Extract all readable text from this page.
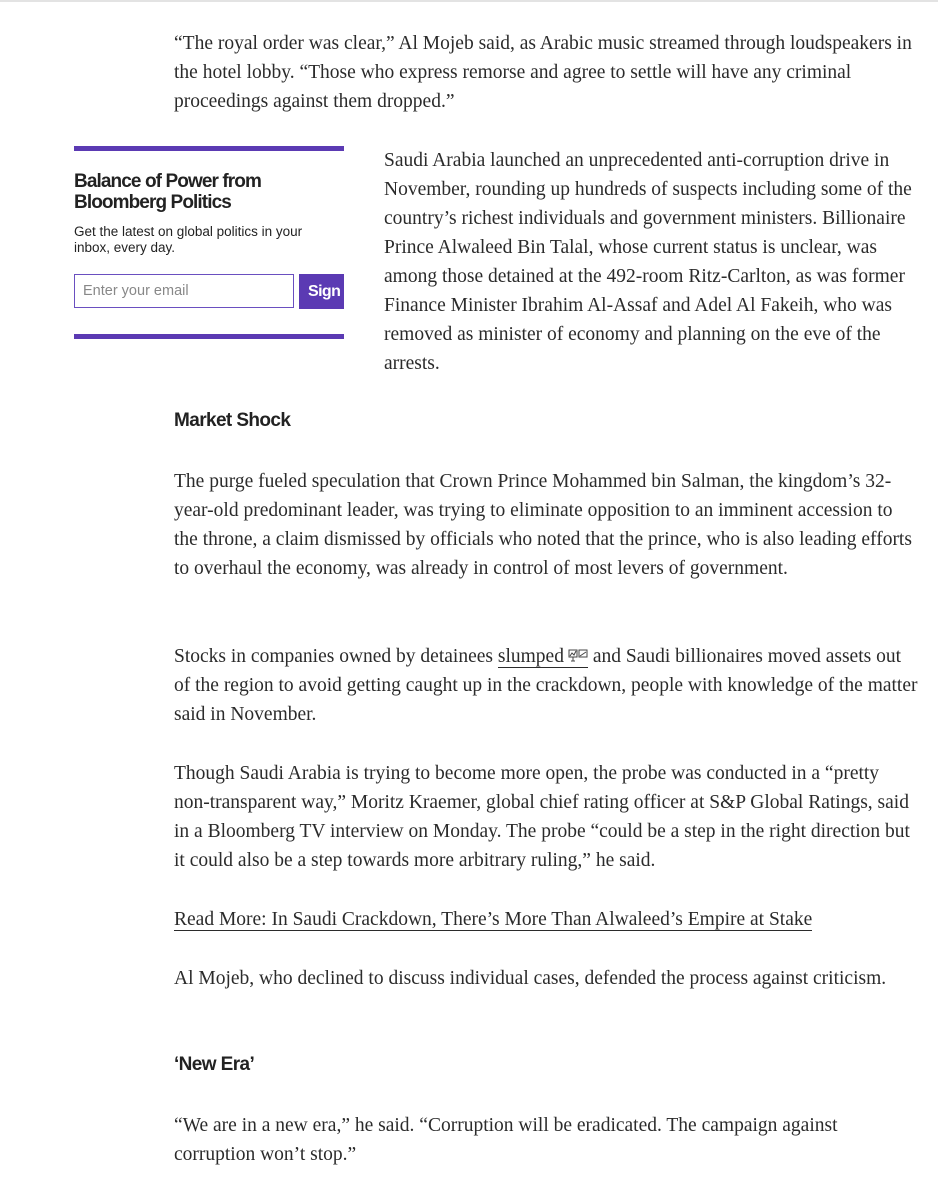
“The royal order was clear,” Al Mojeb said, as Arabic music streamed through loudspeakers in the hotel lobby. “Those who express remorse and agree to settle will have any criminal proceedings against them dropped.”

Balance of Power from Bloomberg Politics

Get the latest on global politics in your inbox, every day.

Enter your email
Sign Up

Saudi Arabia launched an unprecedented anti-corruption drive in November, rounding up hundreds of suspects including some of the country’s richest individuals and government ministers. Billionaire Prince Alwaleed Bin Talal, whose current status is unclear, was among those detained at the 492-room Ritz-Carlton, as was former Finance Minister Ibrahim Al-Assaf and Adel Al Fakeih, who was removed as minister of economy and planning on the eve of the arrests.

Market Shock

The purge fueled speculation that Crown Prince Mohammed bin Salman, the kingdom’s 32-year-old predominant leader, was trying to eliminate opposition to an imminent accession to the throne, a claim dismissed by officials who noted that the prince, who is also leading efforts to overhaul the economy, was already in control of most levers of government.

Stocks in companies owned by detainees slumped and Saudi billionaires moved assets out of the region to avoid getting caught up in the crackdown, people with knowledge of the matter said in November.

Though Saudi Arabia is trying to become more open, the probe was conducted in a “pretty non-transparent way,” Moritz Kraemer, global chief rating officer at S&P Global Ratings, said in a Bloomberg TV interview on Monday. The probe “could be a step in the right direction but it could also be a step towards more arbitrary ruling,” he said.

Read More: In Saudi Crackdown, There’s More Than Alwaleed’s Empire at Stake

Al Mojeb, who declined to discuss individual cases, defended the process against criticism.

‘New Era’

“We are in a new era,” he said. “Corruption will be eradicated. The campaign against corruption won’t stop.”
